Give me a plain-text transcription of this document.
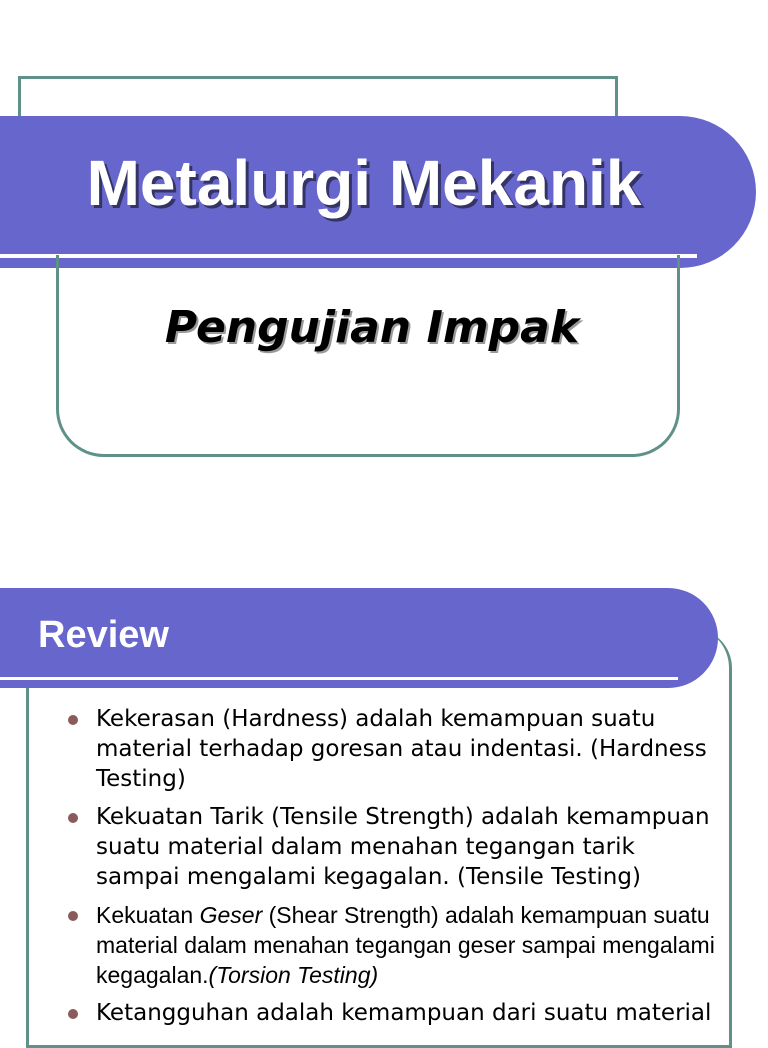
Metalurgi Mekanik
Pengujian Impak
Review
Kekerasan (Hardness) adalah kemampuan suatu material terhadap goresan atau indentasi. (Hardness Testing)
Kekuatan Tarik (Tensile Strength) adalah kemampuan suatu material dalam menahan tegangan tarik sampai mengalami kegagalan. (Tensile Testing)
Kekuatan Geser (Shear Strength) adalah kemampuan suatu material dalam menahan tegangan geser sampai mengalami kegagalan.(Torsion Testing)
Ketangguhan adalah kemampuan dari suatu material
